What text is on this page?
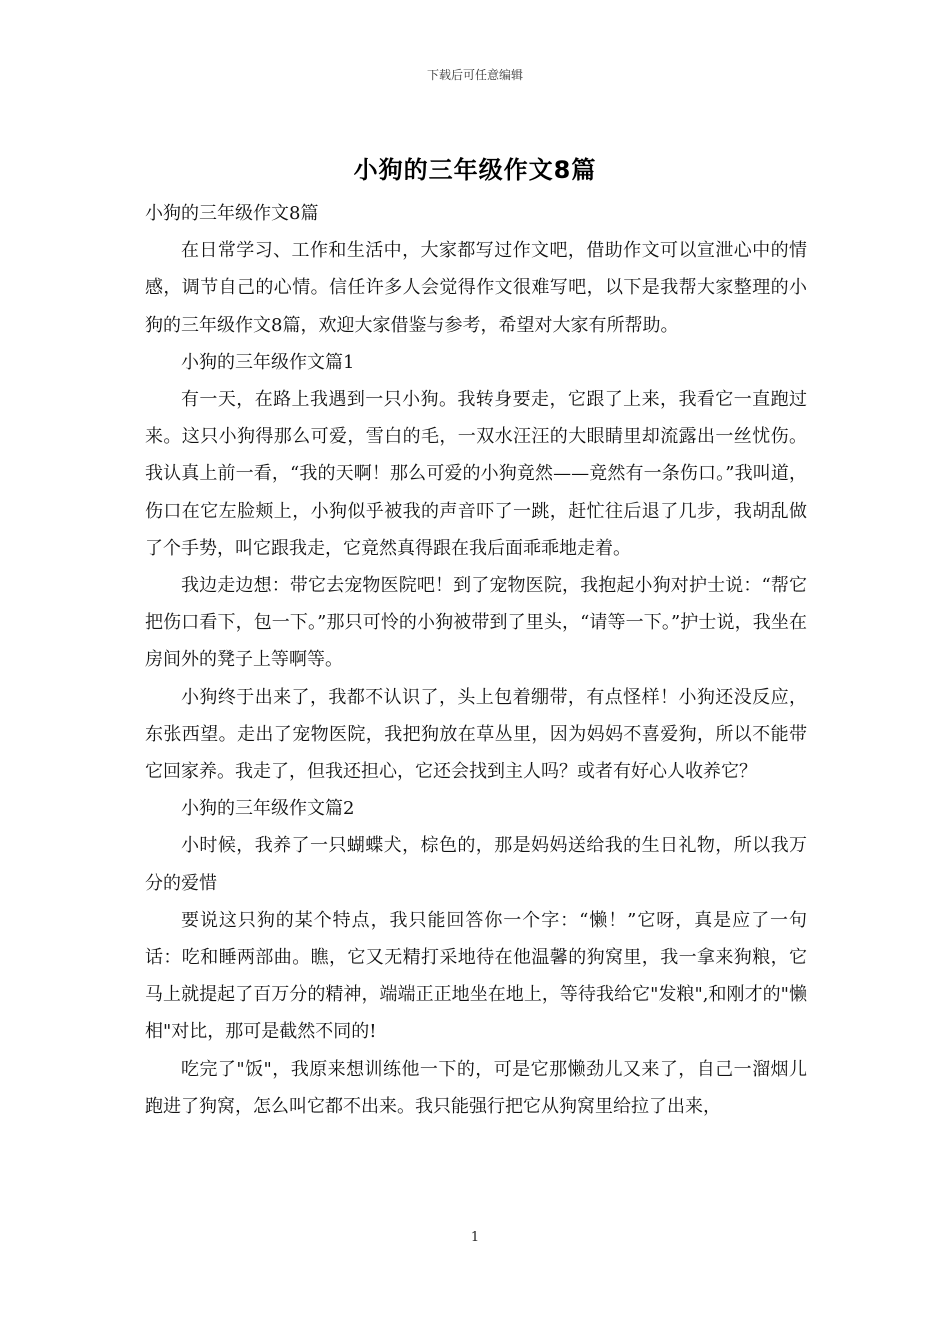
下载后可任意编辑
小狗的三年级作文8篇

小狗的三年级作文8篇

在日常学习、工作和生活中，大家都写过作文吧，借助作文可以宣泄心中的情感，调节自己的心情。信任许多人会觉得作文很难写吧，以下是我帮大家整理的小狗的三年级作文8篇，欢迎大家借鉴与参考，希望对大家有所帮助。

小狗的三年级作文篇1

有一天，在路上我遇到一只小狗。我转身要走，它跟了上来，我看它一直跑过来。这只小狗得那么可爱，雪白的毛，一双水汪汪的大眼睛里却流露出一丝忧伤。我认真上前一看，“我的天啊！那么可爱的小狗竟然——竟然有一条伤口。”我叫道，伤口在它左脸颊上，小狗似乎被我的声音吓了一跳，赶忙往后退了几步，我胡乱做了个手势，叫它跟我走，它竟然真得跟在我后面乖乖地走着。

我边走边想：带它去宠物医院吧！到了宠物医院，我抱起小狗对护士说：“帮它把伤口看下，包一下。”那只可怜的小狗被带到了里头，“请等一下。”护士说，我坐在房间外的凳子上等啊等。

小狗终于出来了，我都不认识了，头上包着绷带，有点怪样！小狗还没反应，东张西望。走出了宠物医院，我把狗放在草丛里，因为妈妈不喜爱狗，所以不能带它回家养。我走了，但我还担心，它还会找到主人吗？或者有好心人收养它？

小狗的三年级作文篇2

小时候，我养了一只蝴蝶犬，棕色的，那是妈妈送给我的生日礼物，所以我万分的爱惜

要说这只狗的某个特点，我只能回答你一个字：“懒！”它呀，真是应了一句话：吃和睡两部曲。瞧，它又无精打采地待在他温馨的狗窝里，我一拿来狗粮，它马上就提起了百万分的精神，端端正正地坐在地上，等待我给它"发粮",和刚才的"懒相"对比，那可是截然不同的!

吃完了"饭"，我原来想训练他一下的，可是它那懒劲儿又来了，自己一溜烟儿跑进了狗窝，怎么叫它都不出来。我只能强行把它从狗窝里给拉了出来，

1
